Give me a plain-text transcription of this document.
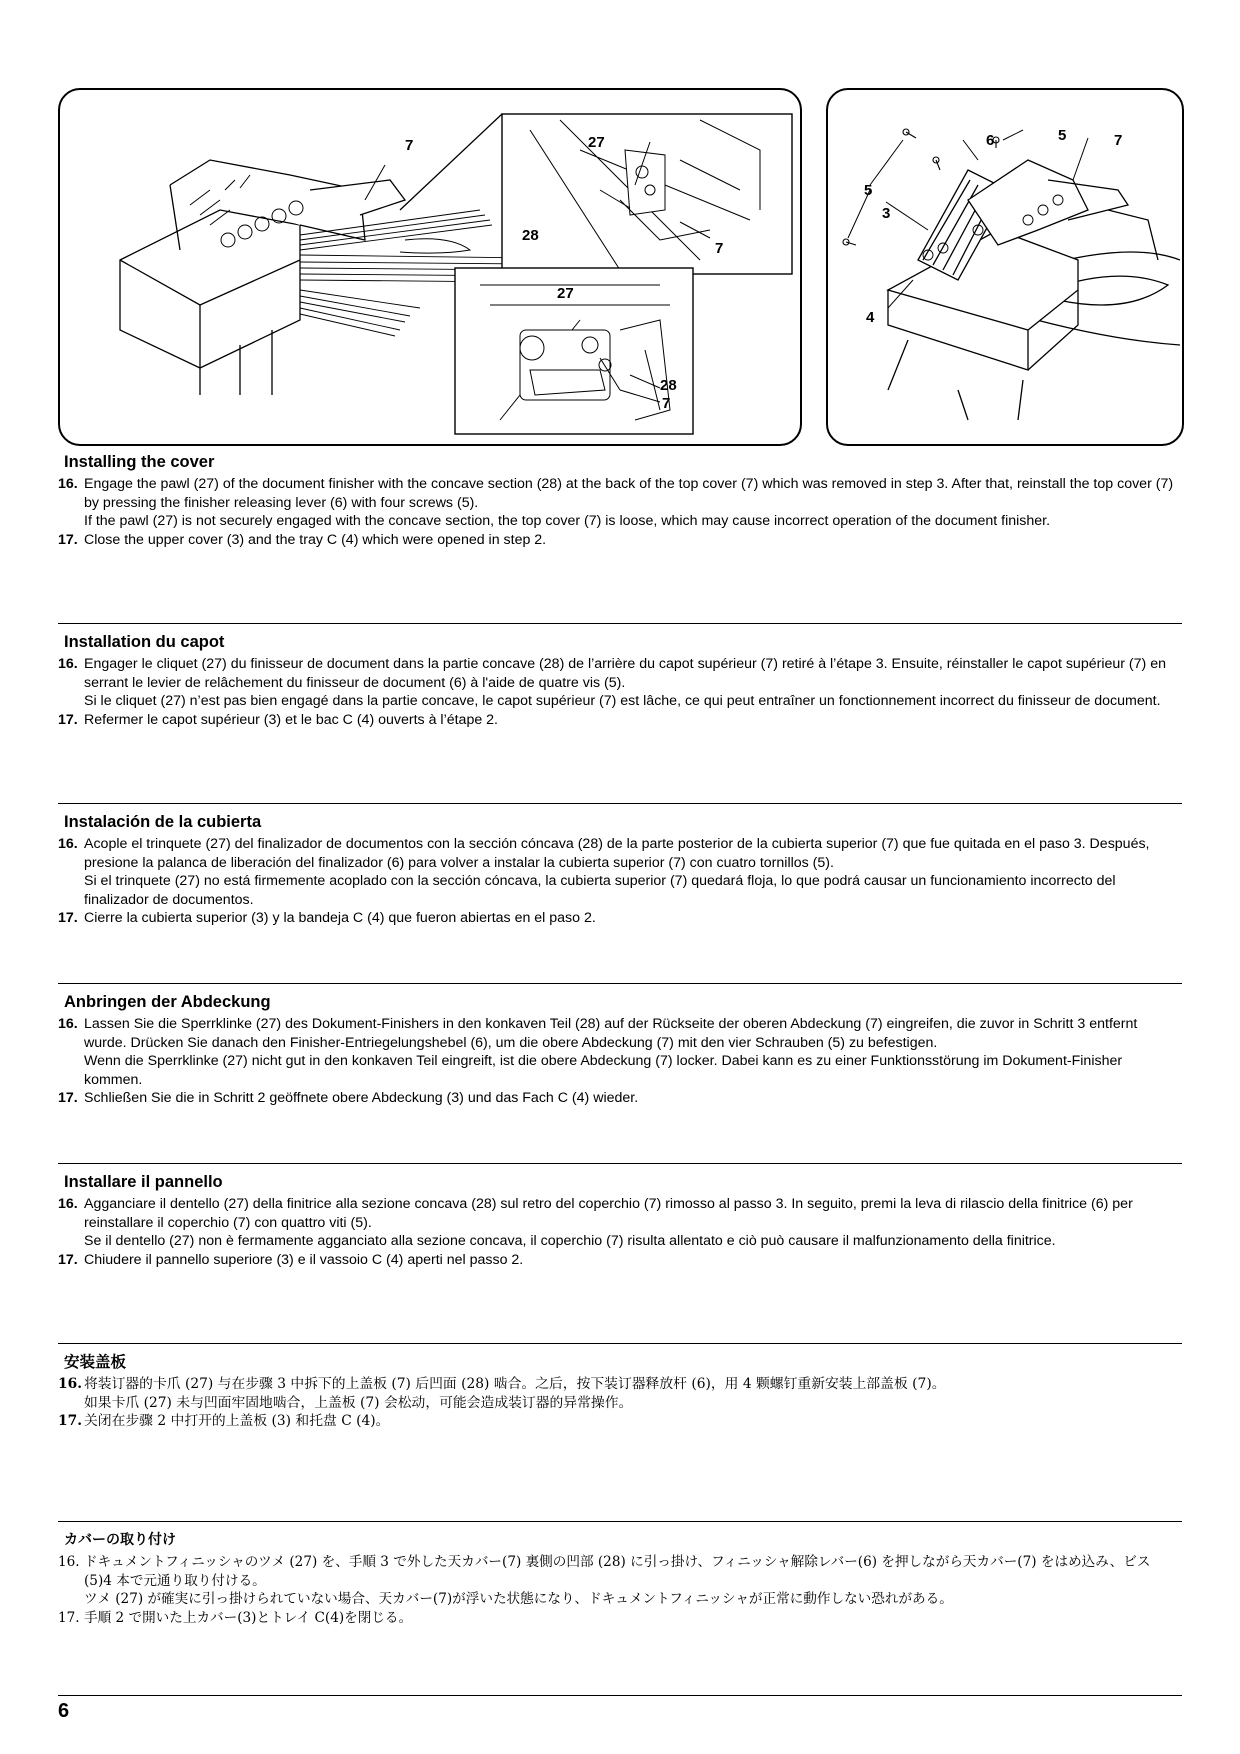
7	27
28
7
27
28
7
5
3
4
6	5	7
Installing the cover
16. Engage the pawl (27) of the document finisher with the concave section (28) at the back of the top cover (7) which was removed in step 3. After that, reinstall the top cover (7) by pressing the finisher releasing lever (6) with four screws (5).

If the pawl (27) is not securely engaged with the concave section, the top cover (7) is loose, which may cause incorrect operation of the document finisher.

17. Close the upper cover (3) and the tray C (4) which were opened in step 2.

Installation du capot
16. Engager le cliquet (27) du finisseur de document dans la partie concave (28) de l’arrière du capot supérieur (7) retiré à l’étape 3. Ensuite, réinstaller le capot supérieur (7) en serrant le levier de relâchement du finisseur de document (6) à l'aide de quatre vis (5).

Si le cliquet (27) n’est pas bien engagé dans la partie concave, le capot supérieur (7) est lâche, ce qui peut entraîner un fonctionnement incorrect du finisseur de document.

17. Refermer le capot supérieur (3) et le bac C (4) ouverts à l’étape 2.

Instalación de la cubierta
16. Acople el trinquete (27) del finalizador de documentos con la sección cóncava (28) de la parte posterior de la cubierta superior (7) que fue quitada en el paso 3. Después, presione la palanca de liberación del finalizador (6) para volver a instalar la cubierta superior (7) con cuatro tornillos (5).

Si el trinquete (27) no está firmemente acoplado con la sección cóncava, la cubierta superior (7) quedará floja, lo que podrá causar un funcionamiento incorrecto del finalizador de documentos.

17. Cierre la cubierta superior (3) y la bandeja C (4) que fueron abiertas en el paso 2.

Anbringen der Abdeckung
16. Lassen Sie die Sperrklinke (27) des Dokument-Finishers in den konkaven Teil (28) auf der Rückseite der oberen Abdeckung (7) eingreifen, die zuvor in Schritt 3 entfernt wurde. Drücken Sie danach den Finisher-Entriegelungshebel (6), um die obere Abdeckung (7) mit den vier Schrauben (5) zu befestigen.

Wenn die Sperrklinke (27) nicht gut in den konkaven Teil eingreift, ist die obere Abdeckung (7) locker. Dabei kann es zu einer Funktionsstörung im Dokument-Finisher kommen.

17. Schließen Sie die in Schritt 2 geöffnete obere Abdeckung (3) und das Fach C (4) wieder.

Installare il pannello
16. Agganciare il dentello (27) della finitrice alla sezione concava (28) sul retro del coperchio (7) rimosso al passo 3. In seguito, premi la leva di rilascio della finitrice (6) per reinstallare il coperchio (7) con quattro viti (5).

Se il dentello (27) non è fermamente agganciato alla sezione concava, il coperchio (7) risulta allentato e ciò può causare il malfunzionamento della finitrice.

17. Chiudere il pannello superiore (3) e il vassoio C (4) aperti nel passo 2.

安装盖板
16. 将装订器的卡爪 (27) 与在步骤 3 中拆下的上盖板 (7) 后凹面 (28) 啮合。之后，按下装订器释放杆 (6)，用 4 颗螺钉重新安装上部盖板 (7)。

如果卡爪 (27) 未与凹面牢固地啮合，上盖板 (7) 会松动，可能会造成装订器的异常操作。

17. 关闭在步骤 2 中打开的上盖板 (3) 和托盘 C (4)。

カバーの取り付け
16. ドキュメントフィニッシャのツメ (27) を、手順 3 で外した天カバー(7) 裏側の凹部 (28) に引っ掛け、フィニッシャ解除レバー(6) を押しながら天カバー(7) をはめ込み、ビス (5)4 本で元通り取り付ける。

ツメ (27) が確実に引っ掛けられていない場合、天カバー(7)が浮いた状態になり、ドキュメントフィニッシャが正常に動作しない恐れがある。

17. 手順 2 で開いた上カバー(3)とトレイ C(4)を閉じる。

6
